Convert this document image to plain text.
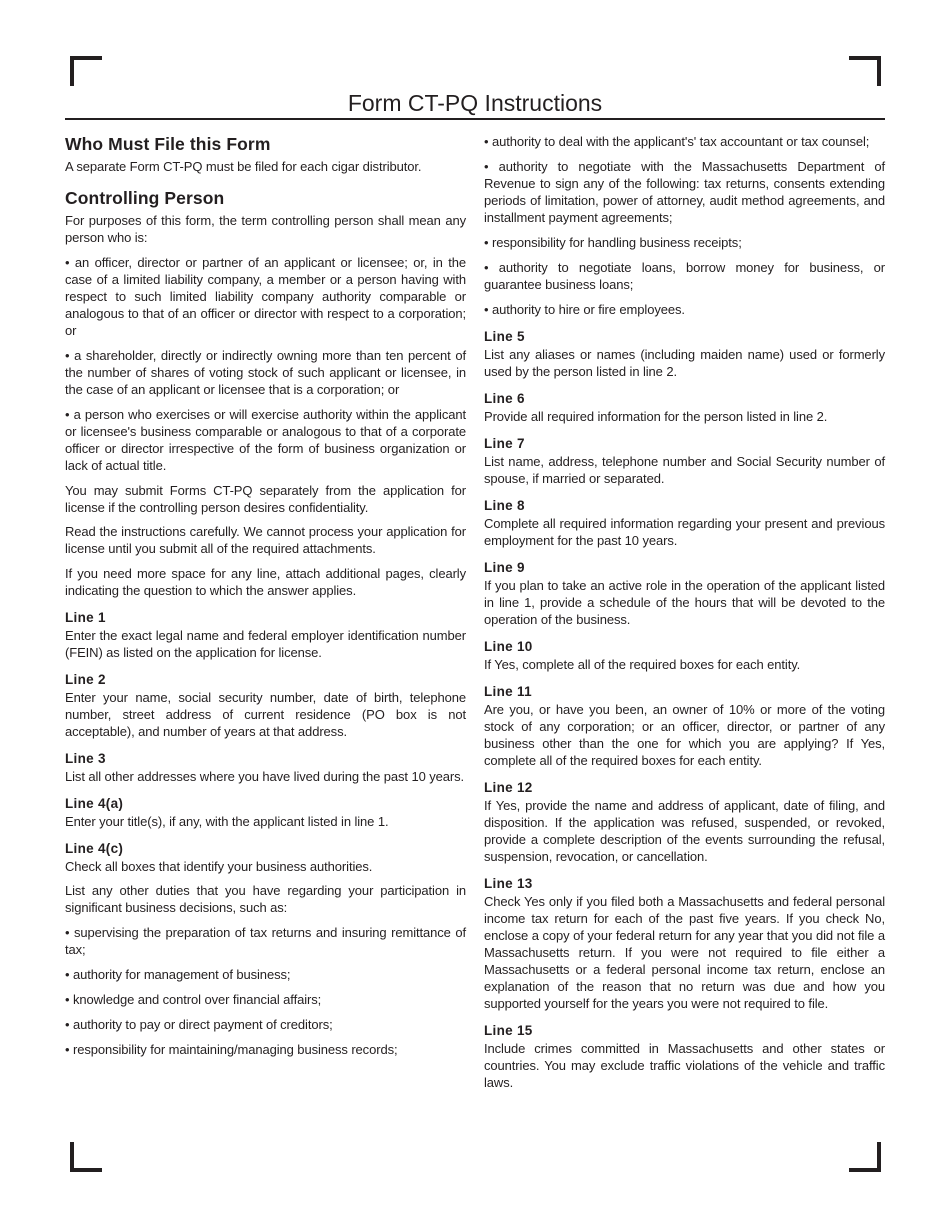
Form CT-PQ Instructions
Who Must File this Form

A separate Form CT-PQ must be filed for each cigar distributor.

Controlling Person

For purposes of this form, the term controlling person shall mean any person who is:

• an officer, director or partner of an applicant or licensee; or, in the case of a limited liability company, a member or a person having with respect to such limited liability company authority comparable or analogous to that of an officer or director with respect to a corporation; or

• a shareholder, directly or indirectly owning more than ten percent of the number of shares of voting stock of such applicant or licensee, in the case of an applicant or licensee that is a corporation; or

• a person who exercises or will exercise authority within the applicant or licensee's business comparable or analogous to that of a corporate officer or director irrespective of the form of business organization or lack of actual title.

You may submit Forms CT-PQ separately from the application for license if the controlling person desires confidentiality.

Read the instructions carefully. We cannot process your application for license until you submit all of the required attachments.

If you need more space for any line, attach additional pages, clearly indicating the question to which the answer applies.

Line 1

Enter the exact legal name and federal employer identification number (FEIN) as listed on the application for license.

Line 2

Enter your name, social security number, date of birth, telephone number, street address of current residence (PO box is not acceptable), and number of years at that address.

Line 3

List all other addresses where you have lived during the past 10 years.

Line 4(a)

Enter your title(s), if any, with the applicant listed in line 1.

Line 4(c)

Check all boxes that identify your business authorities.

List any other duties that you have regarding your participation in significant business decisions, such as:

• supervising the preparation of tax returns and insuring remittance of tax;

• authority for management of business;

• knowledge and control over financial affairs;

• authority to pay or direct payment of creditors;

• responsibility for maintaining/managing business records;

• authority to deal with the applicant's' tax accountant or tax counsel;

• authority to negotiate with the Massachusetts Department of Revenue to sign any of the following: tax returns, consents extending periods of limitation, power of attorney, audit method agreements, and installment payment agreements;

• responsibility for handling business receipts;

• authority to negotiate loans, borrow money for business, or guarantee business loans;

• authority to hire or fire employees.

Line 5

List any aliases or names (including maiden name) used or formerly used by the person listed in line 2.

Line 6

Provide all required information for the person listed in line 2.

Line 7

List name, address, telephone number and Social Security number of spouse, if married or separated.

Line 8

Complete all required information regarding your present and previous employment for the past 10 years.

Line 9

If you plan to take an active role in the operation of the applicant listed in line 1, provide a schedule of the hours that will be devoted to the operation of the business.

Line 10

If Yes, complete all of the required boxes for each entity.

Line 11

Are you, or have you been, an owner of 10% or more of the voting stock of any corporation; or an officer, director, or partner of any business other than the one for which you are applying? If Yes, complete all of the required boxes for each entity.

Line 12

If Yes, provide the name and address of applicant, date of filing, and disposition. If the application was refused, suspended, or revoked, provide a complete description of the events surrounding the refusal, suspension, revocation, or cancellation.

Line 13

Check Yes only if you filed both a Massachusetts and federal personal income tax return for each of the past five years. If you check No, enclose a copy of your federal return for any year that you did not file a Massachusetts return. If you were not required to file either a Massachusetts or a federal personal income tax return, enclose an explanation of the reason that no return was due and how you supported yourself for the years you were not required to file.

Line 15

Include crimes committed in Massachusetts and other states or countries. You may exclude traffic violations of the vehicle and traffic laws.
